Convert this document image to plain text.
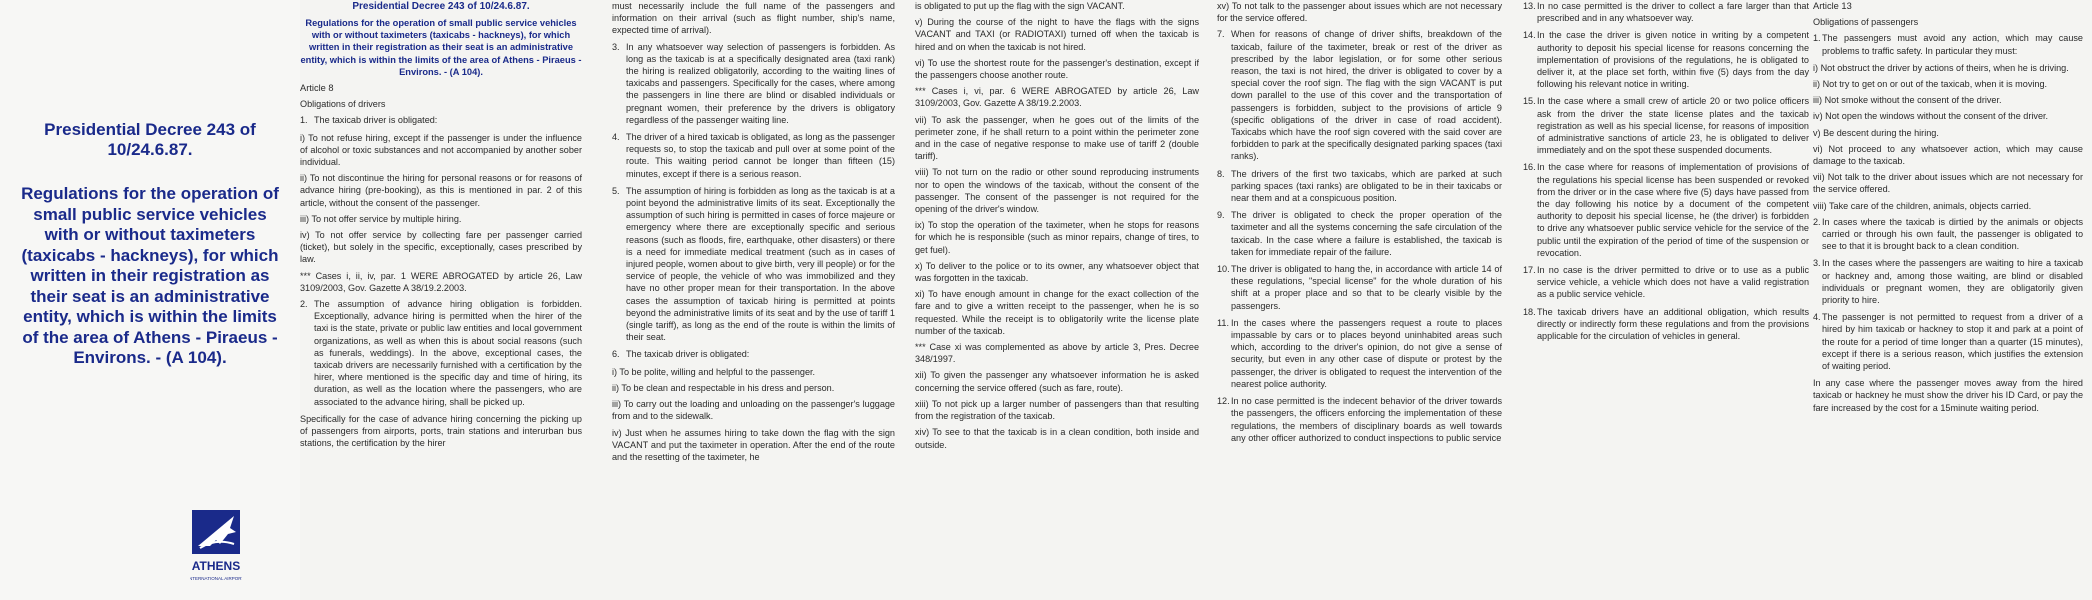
Presidential Decree 243 of 10/24.6.87.
Regulations for the operation of small public service vehicles with or without taximeters (taxicabs - hackneys), for which written in their registration as their seat is an administrative entity, which is within the limits of the area of Athens - Piraeus - Environs. - (A 104).
ATHENS
INTERNATIONAL AIRPORT

Presidential Decree 243 of 10/24.6.87.

Regulations for the operation of small public service vehicles with or without taximeters (taxicabs - hackneys), for which written in their registration as their seat is an administrative entity, which is within the limits of the area of Athens - Piraeus - Environs. - (A 104).

Article 8

Obligations of drivers

1. The taxicab driver is obligated:

i) To not refuse hiring, except if the passenger is under the influence of alcohol or toxic substances and not accompanied by another sober individual.

ii) To not discontinue the hiring for personal reasons or for reasons of advance hiring (pre-booking), as this is mentioned in par. 2 of this article, without the consent of the passenger.

iii) To not offer service by multiple hiring.

iv) To not offer service by collecting fare per passenger carried (ticket), but solely in the specific, exceptionally, cases prescribed by law.

*** Cases i, ii, iv, par. 1 WERE ABROGATED by article 26, Law 3109/2003, Gov. Gazette A 38/19.2.2003.

2. The assumption of advance hiring obligation is forbidden. Exceptionally, advance hiring is permitted when the hirer of the taxi is the state, private or public law entities and local government organizations, as well as when this is about social reasons (such as funerals, weddings). In the above, exceptional cases, the taxicab drivers are necessarily furnished with a certification by the hirer, where mentioned is the specific day and time of hiring, its duration, as well as the location where the passengers, who are associated to the advance hiring, shall be picked up.

Specifically for the case of advance hiring concerning the picking up of passengers from airports, ports, train stations and interurban bus stations, the certification by the hirer

must necessarily include the full name of the passengers and information on their arrival (such as flight number, ship's name, expected time of arrival).

3. In any whatsoever way selection of passengers is forbidden. As long as the taxicab is at a specifically designated area (taxi rank) the hiring is realized obligatorily, according to the waiting lines of taxicabs and passengers. Specifically for the cases, where among the passengers in line there are blind or disabled individuals or pregnant women, their preference by the drivers is obligatory regardless of the passenger waiting line.
4. The driver of a hired taxicab is obligated, as long as the passenger requests so, to stop the taxicab and pull over at some point of the route. This waiting period cannot be longer than fifteen (15) minutes, except if there is a serious reason.
5. The assumption of hiring is forbidden as long as the taxicab is at a point beyond the administrative limits of its seat. Exceptionally the assumption of such hiring is permitted in cases of force majeure or emergency where there are exceptionally specific and serious reasons (such as floods, fire, earthquake, other disasters) or there is a need for immediate medical treatment (such as in cases of injured people, women about to give birth, very ill people) or for the service of people, the vehicle of who was immobilized and they have no other proper mean for their transportation. In the above cases the assumption of taxicab hiring is permitted at points beyond the administrative limits of its seat and by the use of tariff 1 (single tariff), as long as the end of the route is within the limits of their seat.
6. The taxicab driver is obligated:

i) To be polite, willing and helpful to the passenger.

ii) To be clean and respectable in his dress and person.

iii) To carry out the loading and unloading on the passenger's luggage from and to the sidewalk.

iv) Just when he assumes hiring to take down the flag with the sign VACANT and put the taximeter in operation. After the end of the route and the resetting of the taximeter, he

is obligated to put up the flag with the sign VACANT.

v) During the course of the night to have the flags with the signs VACANT and TAXI (or RADIOTAXI) turned off when the taxicab is hired and on when the taxicab is not hired.

vi) To use the shortest route for the passenger's destination, except if the passengers choose another route.

*** Cases i, vi, par. 6 WERE ABROGATED by article 26, Law 3109/2003, Gov. Gazette A 38/19.2.2003.

vii) To ask the passenger, when he goes out of the limits of the perimeter zone, if he shall return to a point within the perimeter zone and in the case of negative response to make use of tariff 2 (double tariff).

viii) To not turn on the radio or other sound reproducing instruments nor to open the windows of the taxicab, without the consent of the passenger. The consent of the passenger is not required for the opening of the driver's window.

ix) To stop the operation of the taximeter, when he stops for reasons for which he is responsible (such as minor repairs, change of tires, to get fuel).

x) To deliver to the police or to its owner, any whatsoever object that was forgotten in the taxicab.

xi) To have enough amount in change for the exact collection of the fare and to give a written receipt to the passenger, when he is so requested. While the receipt is to obligatorily write the license plate number of the taxicab.

*** Case xi was complemented as above by article 3, Pres. Decree 348/1997.

xii) To given the passenger any whatsoever information he is asked concerning the service offered (such as fare, route).

xiii) To not pick up a larger number of passengers than that resulting from the registration of the taxicab.

xiv) To see to that the taxicab is in a clean condition, both inside and outside.

xv) To not talk to the passenger about issues which are not necessary for the service offered.

7. When for reasons of change of driver shifts, breakdown of the taxicab, failure of the taximeter, break or rest of the driver as prescribed by the labor legislation, or for some other serious reason, the taxi is not hired, the driver is obligated to cover by a special cover the roof sign. The flag with the sign VACANT is put down parallel to the use of this cover and the transportation of passengers is forbidden, subject to the provisions of article 9 (specific obligations of the driver in case of road accident). Taxicabs which have the roof sign covered with the said cover are forbidden to park at the specifically designated parking spaces (taxi ranks).
8. The drivers of the first two taxicabs, which are parked at such parking spaces (taxi ranks) are obligated to be in their taxicabs or near them and at a conspicuous position.
9. The driver is obligated to check the proper operation of the taximeter and all the systems concerning the safe circulation of the taxicab. In the case where a failure is established, the taxicab is taken for immediate repair of the failure.
10. The driver is obligated to hang the, in accordance with article 14 of these regulations, "special license" for the whole duration of his shift at a proper place and so that to be clearly visible by the passengers.
11. In the cases where the passengers request a route to places impassable by cars or to places beyond uninhabited areas such which, according to the driver's opinion, do not give a sense of security, but even in any other case of dispute or protest by the passenger, the driver is obligated to request the intervention of the nearest police authority.
12. In no case permitted is the indecent behavior of the driver towards the passengers, the officers enforcing the implementation of these regulations, the members of disciplinary boards as well towards any other officer authorized to conduct inspections to public service
13. In no case permitted is the driver to collect a fare larger than that prescribed and in any whatsoever way.
14. In the case the driver is given notice in writing by a competent authority to deposit his special license for reasons concerning the implementation of provisions of the regulations, he is obligated to deliver it, at the place set forth, within five (5) days from the day following his relevant notice in writing.
15. In the case where a small crew of article 20 or two police officers ask from the driver the state license plates and the taxicab registration as well as his special license, for reasons of imposition of administrative sanctions of article 23, he is obligated to deliver immediately and on the spot these suspended documents.
16. In the case where for reasons of implementation of provisions of the regulations his special license has been suspended or revoked from the driver or in the case where five (5) days have passed from the day following his notice by a document of the competent authority to deposit his special license, he (the driver) is forbidden to drive any whatsoever public service vehicle for the service of the public until the expiration of the period of time of the suspension or revocation.
17. In no case is the driver permitted to drive or to use as a public service vehicle, a vehicle which does not have a valid registration as a public service vehicle.
18. The taxicab drivers have an additional obligation, which results directly or indirectly form these regulations and from the provisions applicable for the circulation of vehicles in general.

Article 13

Obligations of passengers

1. The passengers must avoid any action, which may cause problems to traffic safety. In particular they must:

i) Not obstruct the driver by actions of theirs, when he is driving.

ii) Not try to get on or out of the taxicab, when it is moving.

iii) Not smoke without the consent of the driver.

iv) Not open the windows without the consent of the driver.

v) Be descent during the hiring.

vi) Not proceed to any whatsoever action, which may cause damage to the taxicab.

vii) Not talk to the driver about issues which are not necessary for the service offered.

viii) Take care of the children, animals, objects carried.

2. In cases where the taxicab is dirtied by the animals or objects carried or through his own fault, the passenger is obligated to see to that it is brought back to a clean condition.
3. In the cases where the passengers are waiting to hire a taxicab or hackney and, among those waiting, are blind or disabled individuals or pregnant women, they are obligatorily given priority to hire.
4. The passenger is not permitted to request from a driver of a hired by him taxicab or hackney to stop it and park at a point of the route for a period of time longer than a quarter (15 minutes), except if there is a serious reason, which justifies the extension of waiting period.

In any case where the passenger moves away from the hired taxicab or hackney he must show the driver his ID Card, or pay the fare increased by the cost for a 15minute waiting period.
